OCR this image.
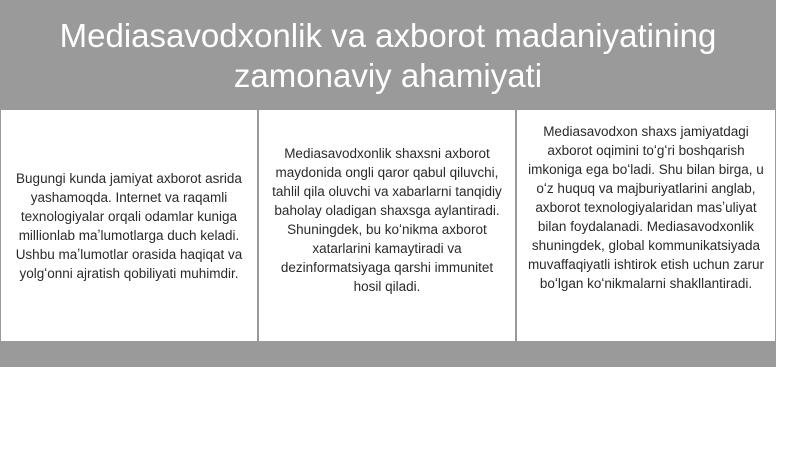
Mediasavodxonlik va axborot madaniyatining zamonaviy ahamiyati

Bugungi kunda jamiyat axborot asrida yashamoqda. Internet va raqamli texnologiyalar orqali odamlar kuniga millionlab maʼlumotlarga duch keladi. Ushbu maʼlumotlar orasida haqiqat va yolgʻonni ajratish qobiliyati muhimdir.

Mediasavodxonlik shaxsni axborot maydonida ongli qaror qabul qiluvchi, tahlil qila oluvchi va xabarlarni tanqidiy baholay oladigan shaxsga aylantiradi. Shuningdek, bu koʻnikma axborot xatarlarini kamaytiradi va dezinformatsiyaga qarshi immunitet hosil qiladi.

Mediasavodxon shaxs jamiyatdagi axborot oqimini toʻgʻri boshqarish imkoniga ega boʻladi. Shu bilan birga, u oʻz huquq va majburiyatlarini anglab, axborot texnologiyalaridan masʼuliyat bilan foydalanadi. Mediasavodxonlik shuningdek, global kommunikatsiyada muvaffaqiyatli ishtirok etish uchun zarur boʻlgan koʻnikmalarni shakllantiradi.
